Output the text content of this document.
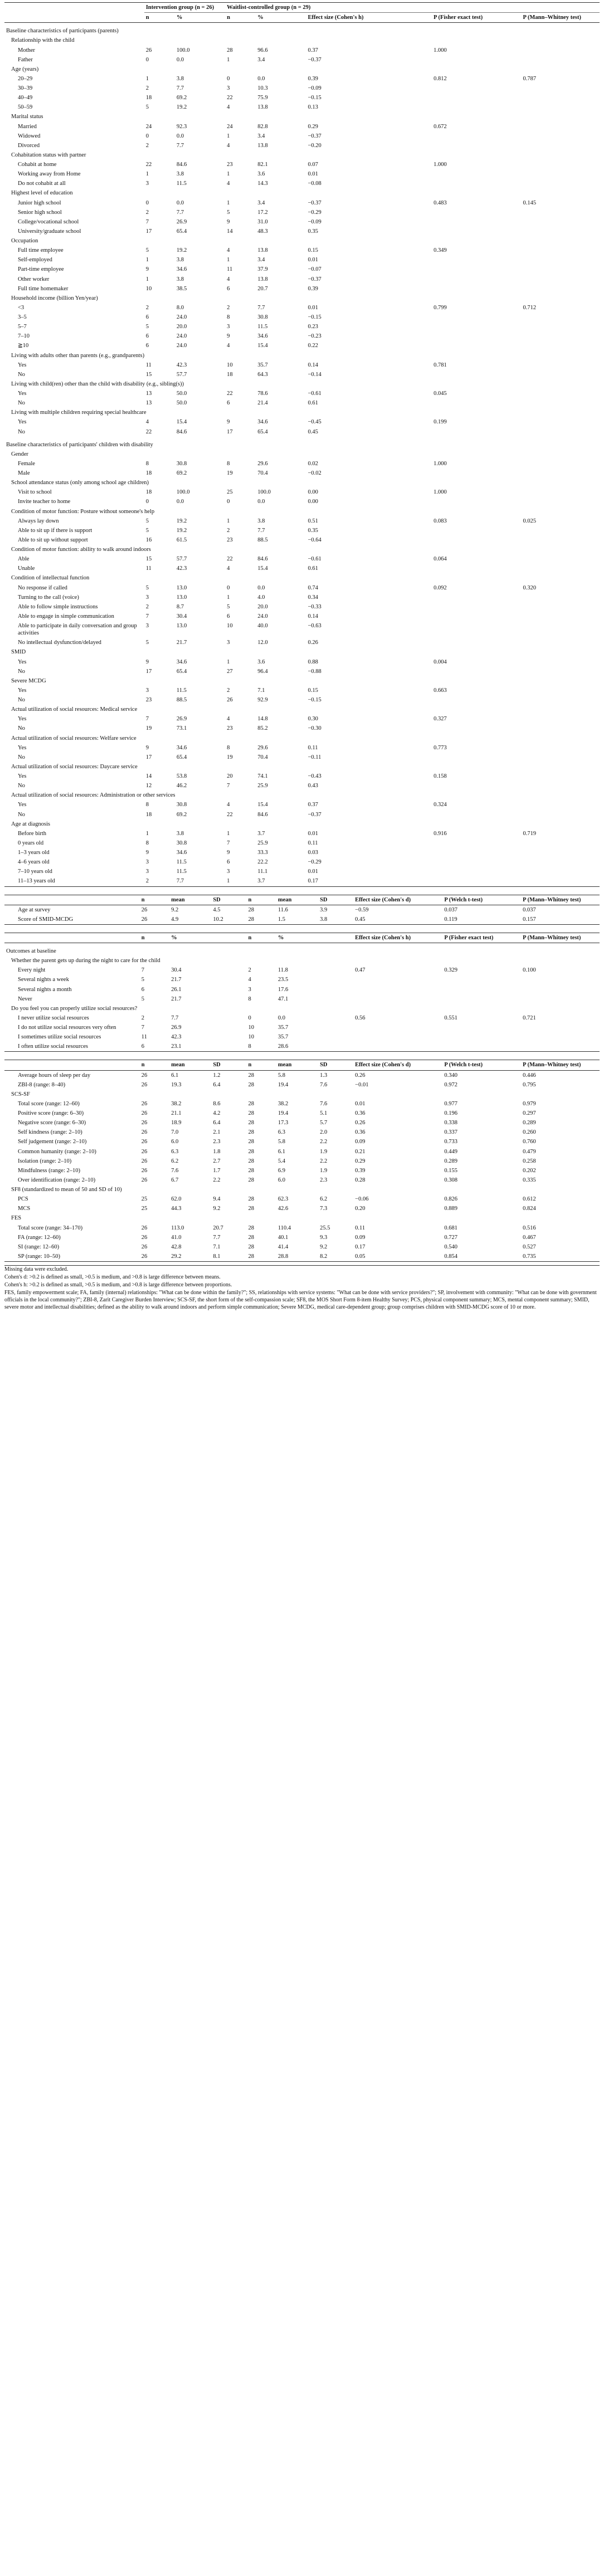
	Intervention group (n = 26)		Waitlist-controlled group (n = 29)				
	n	%	n	%	Effect size (Cohen's h)	P (Fisher exact test)	P (Mann–Whitney test)
Baseline characteristics of participants (parents)							
Relationship with the child							
Mother	26	100.0	28	96.6	0.37	1.000	
Father	0	0.0	1	3.4	−0.37		
Age (years)							
20–29	1	3.8	0	0.0	0.39	0.812	0.787
30–39	2	7.7	3	10.3	−0.09		
40–49	18	69.2	22	75.9	−0.15		
50–59	5	19.2	4	13.8	0.13		
Marital status							
Married	24	92.3	24	82.8	0.29	0.672	
Widowed	0	0.0	1	3.4	−0.37		
Divorced	2	7.7	4	13.8	−0.20		
Cohabitation status with partner							
Cohabit at home	22	84.6	23	82.1	0.07	1.000	
Working away from Home	1	3.8	1	3.6	0.01		
Do not cohabit at all	3	11.5	4	14.3	−0.08		
Highest level of education							
Junior high school	0	0.0	1	3.4	−0.37	0.483	0.145
Senior high school	2	7.7	5	17.2	−0.29		
College/vocational school	7	26.9	9	31.0	−0.09		
University/graduate school	17	65.4	14	48.3	0.35		
Occupation							
Full time employee	5	19.2	4	13.8	0.15	0.349	
Self-employed	1	3.8	1	3.4	0.01		
Part-time employee	9	34.6	11	37.9	−0.07		
Other worker	1	3.8	4	13.8	−0.37		
Full time homemaker	10	38.5	6	20.7	0.39		
Household income (billion Yen/year)							
<3	2	8.0	2	7.7	0.01	0.799	0.712
3–5	6	24.0	8	30.8	−0.15		
5–7	5	20.0	3	11.5	0.23		
7–10	6	24.0	9	34.6	−0.23		
≧10	6	24.0	4	15.4	0.22		
Living with adults other than parents (e.g., grandparents)							
Yes	11	42.3	10	35.7	0.14	0.781	
No	15	57.7	18	64.3	−0.14		
Living with child(ren) other than the child with disability (e.g., sibling(s))							
Yes	13	50.0	22	78.6	−0.61	0.045	
No	13	50.0	6	21.4	0.61		
Living with multiple children requiring special healthcare							
Yes	4	15.4	9	34.6	−0.45	0.199	
No	22	84.6	17	65.4	0.45		
Baseline characteristics of participants' children with disability							
Gender							
Female	8	30.8	8	29.6	0.02	1.000	
Male	18	69.2	19	70.4	−0.02		
School attendance status (only among school age children)							
Visit to school	18	100.0	25	100.0	0.00	1.000	
Invite teacher to home	0	0.0	0	0.0	0.00		
Condition of motor function: Posture without someone's help							
Always lay down	5	19.2	1	3.8	0.51	0.083	0.025
Able to sit up if there is support	5	19.2	2	7.7	0.35		
Able to sit up without support	16	61.5	23	88.5	−0.64		
Condition of motor function: ability to walk around indoors							
Able	15	57.7	22	84.6	−0.61	0.064	
Unable	11	42.3	4	15.4	0.61		
Condition of intellectual function							
No response if called	5	13.0	0	0.0	0.74	0.092	0.320
Turning to the call (voice)	3	13.0	1	4.0	0.34		
Able to follow simple instructions	2	8.7	5	20.0	−0.33		
Able to engage in simple communication	7	30.4	6	24.0	0.14		
Able to participate in daily conversation and group activities	3	13.0	10	40.0	−0.63		
No intellectual dysfunction/delayed	5	21.7	3	12.0	0.26		
SMID							
Yes	9	34.6	1	3.6	0.88	0.004	
No	17	65.4	27	96.4	−0.88		
Severe MCDG							
Yes	3	11.5	2	7.1	0.15	0.663	
No	23	88.5	26	92.9	−0.15		
Actual utilization of social resources: Medical service							
Yes	7	26.9	4	14.8	0.30	0.327	
No	19	73.1	23	85.2	−0.30		
Actual utilization of social resources: Welfare service							
Yes	9	34.6	8	29.6	0.11	0.773	
No	17	65.4	19	70.4	−0.11		
Actual utilization of social resources: Daycare service							
Yes	14	53.8	20	74.1	−0.43	0.158	
No	12	46.2	7	25.9	0.43		
Actual utilization of social resources: Administration or other services							
Yes	8	30.8	4	15.4	0.37	0.324	
No	18	69.2	22	84.6	−0.37		
Age at diagnosis							
Before birth	1	3.8	1	3.7	0.01	0.916	0.719
0 years old	8	30.8	7	25.9	0.11		
1–3 years old	9	34.6	9	33.3	0.03		
4–6 years old	3	11.5	6	22.2	−0.29		
7–10 years old	3	11.5	3	11.1	0.01		
11–13 years old	2	7.7	1	3.7	0.17		
	n	mean	SD	n	mean	SD	Effect size (Cohen's d)	P (Welch t-test)	P (Mann–Whitney test)
Age at survey	26	9.2	4.5	28	11.6	3.9	−0.59	0.037	0.037
Score of SMID-MCDG	26	4.9	10.2	28	1.5	3.8	0.45	0.119	0.157
	n	%		n	%		Effect size (Cohen's h)	P (Fisher exact test)	P (Mann–Whitney test)
Outcomes at baseline									
Whether the parent gets up during the night to care for the child									
Every night	7	30.4		2	11.8		0.47	0.329	0.100
Several nights a week	5	21.7		4	23.5				
Several nights a month	6	26.1		3	17.6				
Never	5	21.7		8	47.1				
Do you feel you can properly utilize social resources?									
I never utilize social resources	2	7.7		0	0.0		0.56	0.551	0.721
I do not utilize social resources very often	7	26.9		10	35.7				
I sometimes utilize social resources	11	42.3		10	35.7				
I often utilize social resources	6	23.1		8	28.6				
	n	mean	SD	n	mean	SD	Effect size (Cohen's d)	P (Welch t-test)	P (Mann–Whitney test)
Average hours of sleep per day	26	6.1	1.2	28	5.8	1.3	0.26	0.340	0.446
ZBI-8 (range: 8–40)	26	19.3	6.4	28	19.4	7.6	−0.01	0.972	0.795
SCS-SF									
Total score (range: 12–60)	26	38.2	8.6	28	38.2	7.6	0.01	0.977	0.979
Positive score (range: 6–30)	26	21.1	4.2	28	19.4	5.1	0.36	0.196	0.297
Negative score (range: 6–30)	26	18.9	6.4	28	17.3	5.7	0.26	0.338	0.289
Self kindness (range: 2–10)	26	7.0	2.1	28	6.3	2.0	0.36	0.337	0.260
Self judgement (range: 2–10)	26	6.0	2.3	28	5.8	2.2	0.09	0.733	0.760
Common humanity (range: 2–10)	26	6.3	1.8	28	6.1	1.9	0.21	0.449	0.479
Isolation (range: 2–10)	26	6.2	2.7	28	5.4	2.2	0.29	0.289	0.258
Mindfulness (range: 2–10)	26	7.6	1.7	28	6.9	1.9	0.39	0.155	0.202
Over identification (range: 2–10)	26	6.7	2.2	28	6.0	2.3	0.28	0.308	0.335
SF8 (standardized to mean of 50 and SD of 10)									
PCS	25	62.0	9.4	28	62.3	6.2	−0.06	0.826	0.612
MCS	25	44.3	9.2	28	42.6	7.3	0.20	0.889	0.824
FES									
Total score (range: 34–170)	26	113.0	20.7	28	110.4	25.5	0.11	0.681	0.516
FA (range: 12–60)	26	41.0	7.7	28	40.1	9.3	0.09	0.727	0.467
SI (range: 12–60)	26	42.8	7.1	28	41.4	9.2	0.17	0.540	0.527
SP (range: 10–50)	26	29.2	8.1	28	28.8	8.2	0.05	0.854	0.735
Missing data were excluded.
Cohen's d: >0.2 is defined as small, >0.5 is medium, and >0.8 is large difference between means.
Cohen's h: >0.2 is defined as small, >0.5 is medium, and >0.8 is large difference between proportions.
FES, family empowerment scale; FA, family (internal) relationships: "What can be done within the family?"; SS, relationships with service systems: "What can be done with service providers?"; SP, involvement with community: "What can be done with government officials in the local community?"; ZBI-8, Zarit Caregiver Burden Interview; SCS-SF, the short form of the self-compassion scale; SF8, the MOS Short Form 8-item Healthy Survey; PCS, physical component summary; MCS, mental component summary; SMID, severe motor and intellectual disabilities; defined as the ability to walk around indoors and perform simple communication; Severe MCDG, medical care-dependent group; group comprises children with SMID-MCDG score of 10 or more.
